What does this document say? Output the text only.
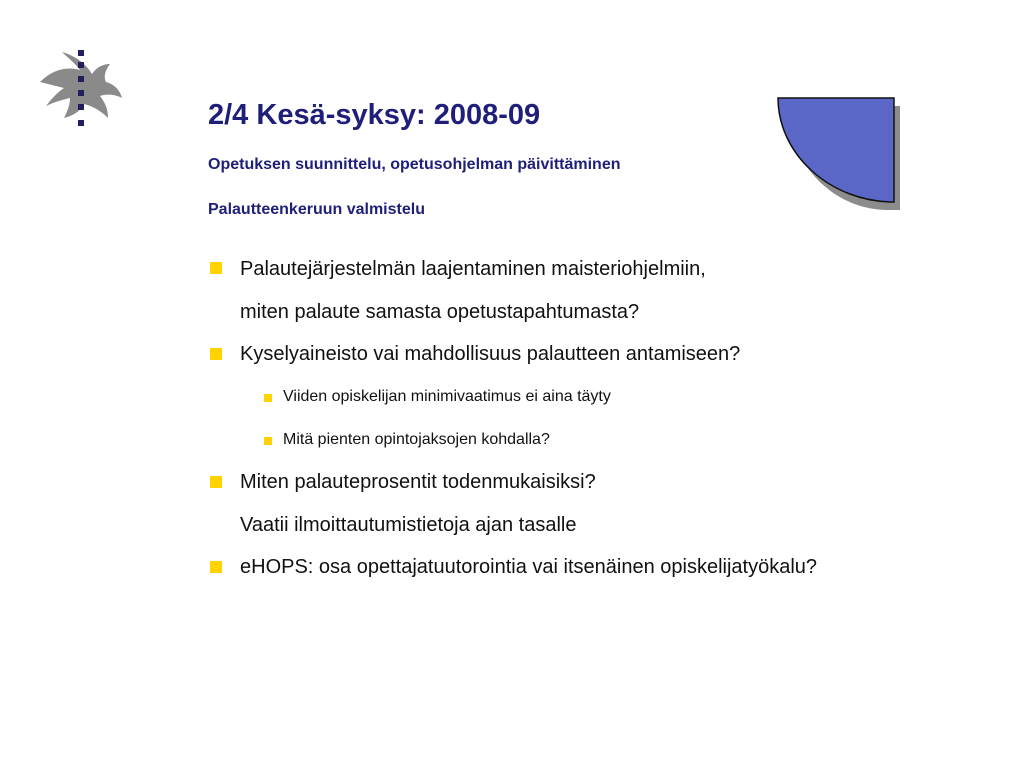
2/4 Kesä-syksy: 2008-09

Opetuksen suunnittelu, opetusohjelman päivittäminen

Palautteenkeruun valmistelu

Palautejärjestelmän laajentaminen maisteriohjelmiin,
miten palaute samasta opetustapahtumasta?
Kyselyaineisto vai mahdollisuus palautteen antamiseen?
Viiden opiskelijan minimivaatimus ei aina täyty
Mitä pienten opintojaksojen kohdalla?
Miten palauteprosentit todenmukaisiksi?
Vaatii ilmoittautumistietoja ajan tasalle
eHOPS: osa opettajatuutorointia vai itsenäinen opiskelijatyökalu?
